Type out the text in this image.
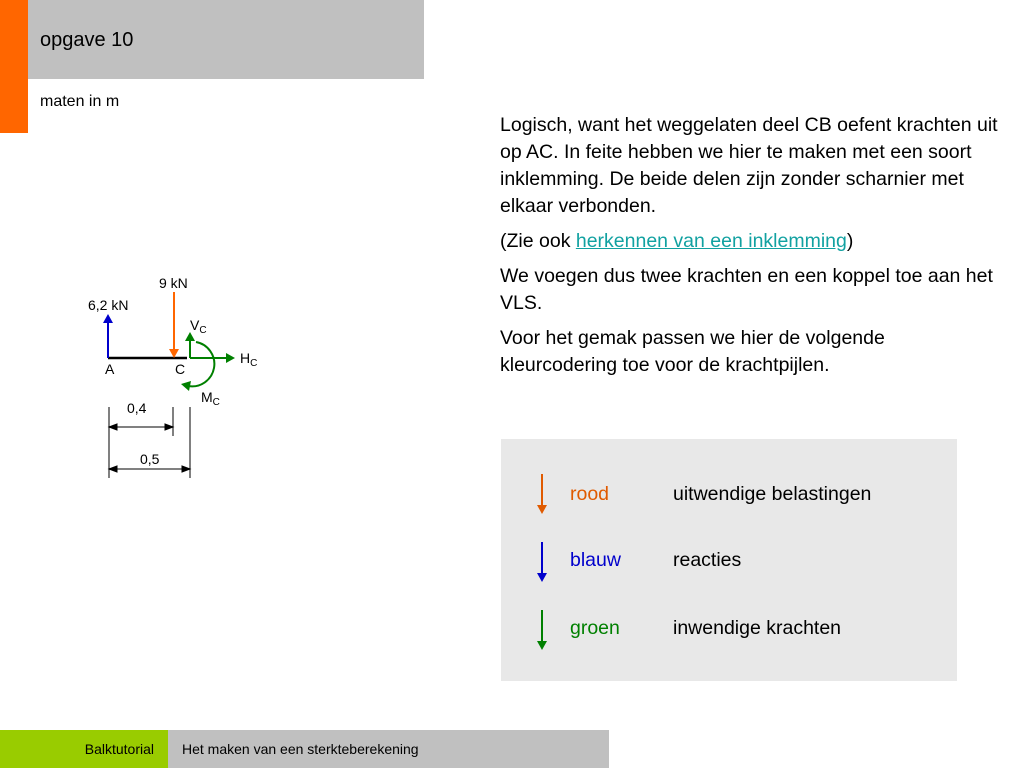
opgave 10
maten in m
6,2 kN
9 kN
$V_C$
$H_C$
$M_C$
A	C
0,4
0,5

Logisch, want het weggelaten deel CB oefent krachten uit op AC. In feite hebben we hier te maken met een soort inklemming. De beide delen zijn zonder scharnier met elkaar verbonden.

(Zie ook herkennen van een inklemming)

We voegen dus twee krachten en een koppel toe aan het VLS.

Voor het gemak passen we hier de volgende kleurcodering toe voor de krachtpijlen.

rood	uitwendige belastingen
blauw	reacties
groen	inwendige krachten
Balktutorial Het maken van een sterkteberekening
